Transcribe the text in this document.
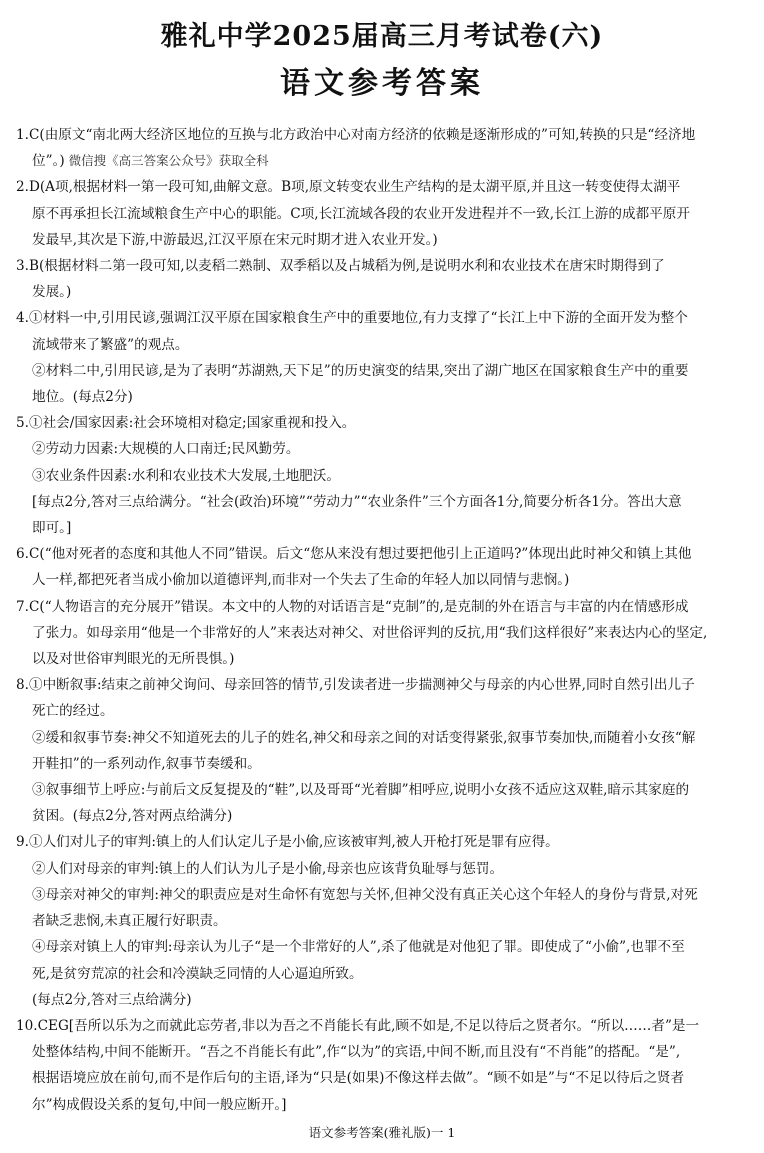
雅礼中学2025届高三月考试卷(六)
语文参考答案

1.C(由原文“南北两大经济区地位的互换与北方政治中心对南方经济的依赖是逐渐形成的”可知,转换的只是“经济地

位”。) 微信搜《高三答案公众号》获取全科

2.D(A项,根据材料一第一段可知,曲解文意。B项,原文转变农业生产结构的是太湖平原,并且这一转变使得太湖平

原不再承担长江流域粮食生产中心的职能。C项,长江流域各段的农业开发进程并不一致,长江上游的成都平原开

发最早,其次是下游,中游最迟,江汉平原在宋元时期才进入农业开发。)

3.B(根据材料二第一段可知,以麦稻二熟制、双季稻以及占城稻为例,是说明水利和农业技术在唐宋时期得到了

发展。)

4.①材料一中,引用民谚,强调江汉平原在国家粮食生产中的重要地位,有力支撑了“长江上中下游的全面开发为整个

流域带来了繁盛”的观点。

②材料二中,引用民谚,是为了表明“苏湖熟,天下足”的历史演变的结果,突出了湖广地区在国家粮食生产中的重要

地位。(每点2分)

5.①社会/国家因素:社会环境相对稳定;国家重视和投入。

②劳动力因素:大规模的人口南迁;民风勤劳。

③农业条件因素:水利和农业技术大发展,土地肥沃。

[每点2分,答对三点给满分。“社会(政治)环境”“劳动力”“农业条件”三个方面各1分,简要分析各1分。答出大意

即可。]

6.C(“他对死者的态度和其他人不同”错误。后文“您从来没有想过要把他引上正道吗?”体现出此时神父和镇上其他

人一样,都把死者当成小偷加以道德评判,而非对一个失去了生命的年轻人加以同情与悲悯。)

7.C(“人物语言的充分展开”错误。本文中的人物的对话语言是“克制”的,是克制的外在语言与丰富的内在情感形成

了张力。如母亲用“他是一个非常好的人”来表达对神父、对世俗评判的反抗,用“我们这样很好”来表达内心的坚定,

以及对世俗审判眼光的无所畏惧。)

8.①中断叙事:结束之前神父询问、母亲回答的情节,引发读者进一步揣测神父与母亲的内心世界,同时自然引出儿子

死亡的经过。

②缓和叙事节奏:神父不知道死去的儿子的姓名,神父和母亲之间的对话变得紧张,叙事节奏加快,而随着小女孩“解

开鞋扣”的一系列动作,叙事节奏缓和。

③叙事细节上呼应:与前后文反复提及的“鞋”,以及哥哥“光着脚”相呼应,说明小女孩不适应这双鞋,暗示其家庭的

贫困。(每点2分,答对两点给满分)

9.①人们对儿子的审判:镇上的人们认定儿子是小偷,应该被审判,被人开枪打死是罪有应得。

②人们对母亲的审判:镇上的人们认为儿子是小偷,母亲也应该背负耻辱与惩罚。

③母亲对神父的审判:神父的职责应是对生命怀有宽恕与关怀,但神父没有真正关心这个年轻人的身份与背景,对死

者缺乏悲悯,未真正履行好职责。

④母亲对镇上人的审判:母亲认为儿子“是一个非常好的人”,杀了他就是对他犯了罪。即使成了“小偷”,也罪不至

死,是贫穷荒凉的社会和冷漠缺乏同情的人心逼迫所致。

(每点2分,答对三点给满分)

10.CEG[吾所以乐为之而就此忘劳者,非以为吾之不肖能长有此,顾不如是,不足以待后之贤者尔。“所以……者”是一

处整体结构,中间不能断开。“吾之不肖能长有此”,作“以为”的宾语,中间不断,而且没有“不肖能”的搭配。“是”,

根据语境应放在前句,而不是作后句的主语,译为“只是(如果)不像这样去做”。“顾不如是”与“不足以待后之贤者

尔”构成假设关系的复句,中间一般应断开。]

语文参考答案(雅礼版)一 1
